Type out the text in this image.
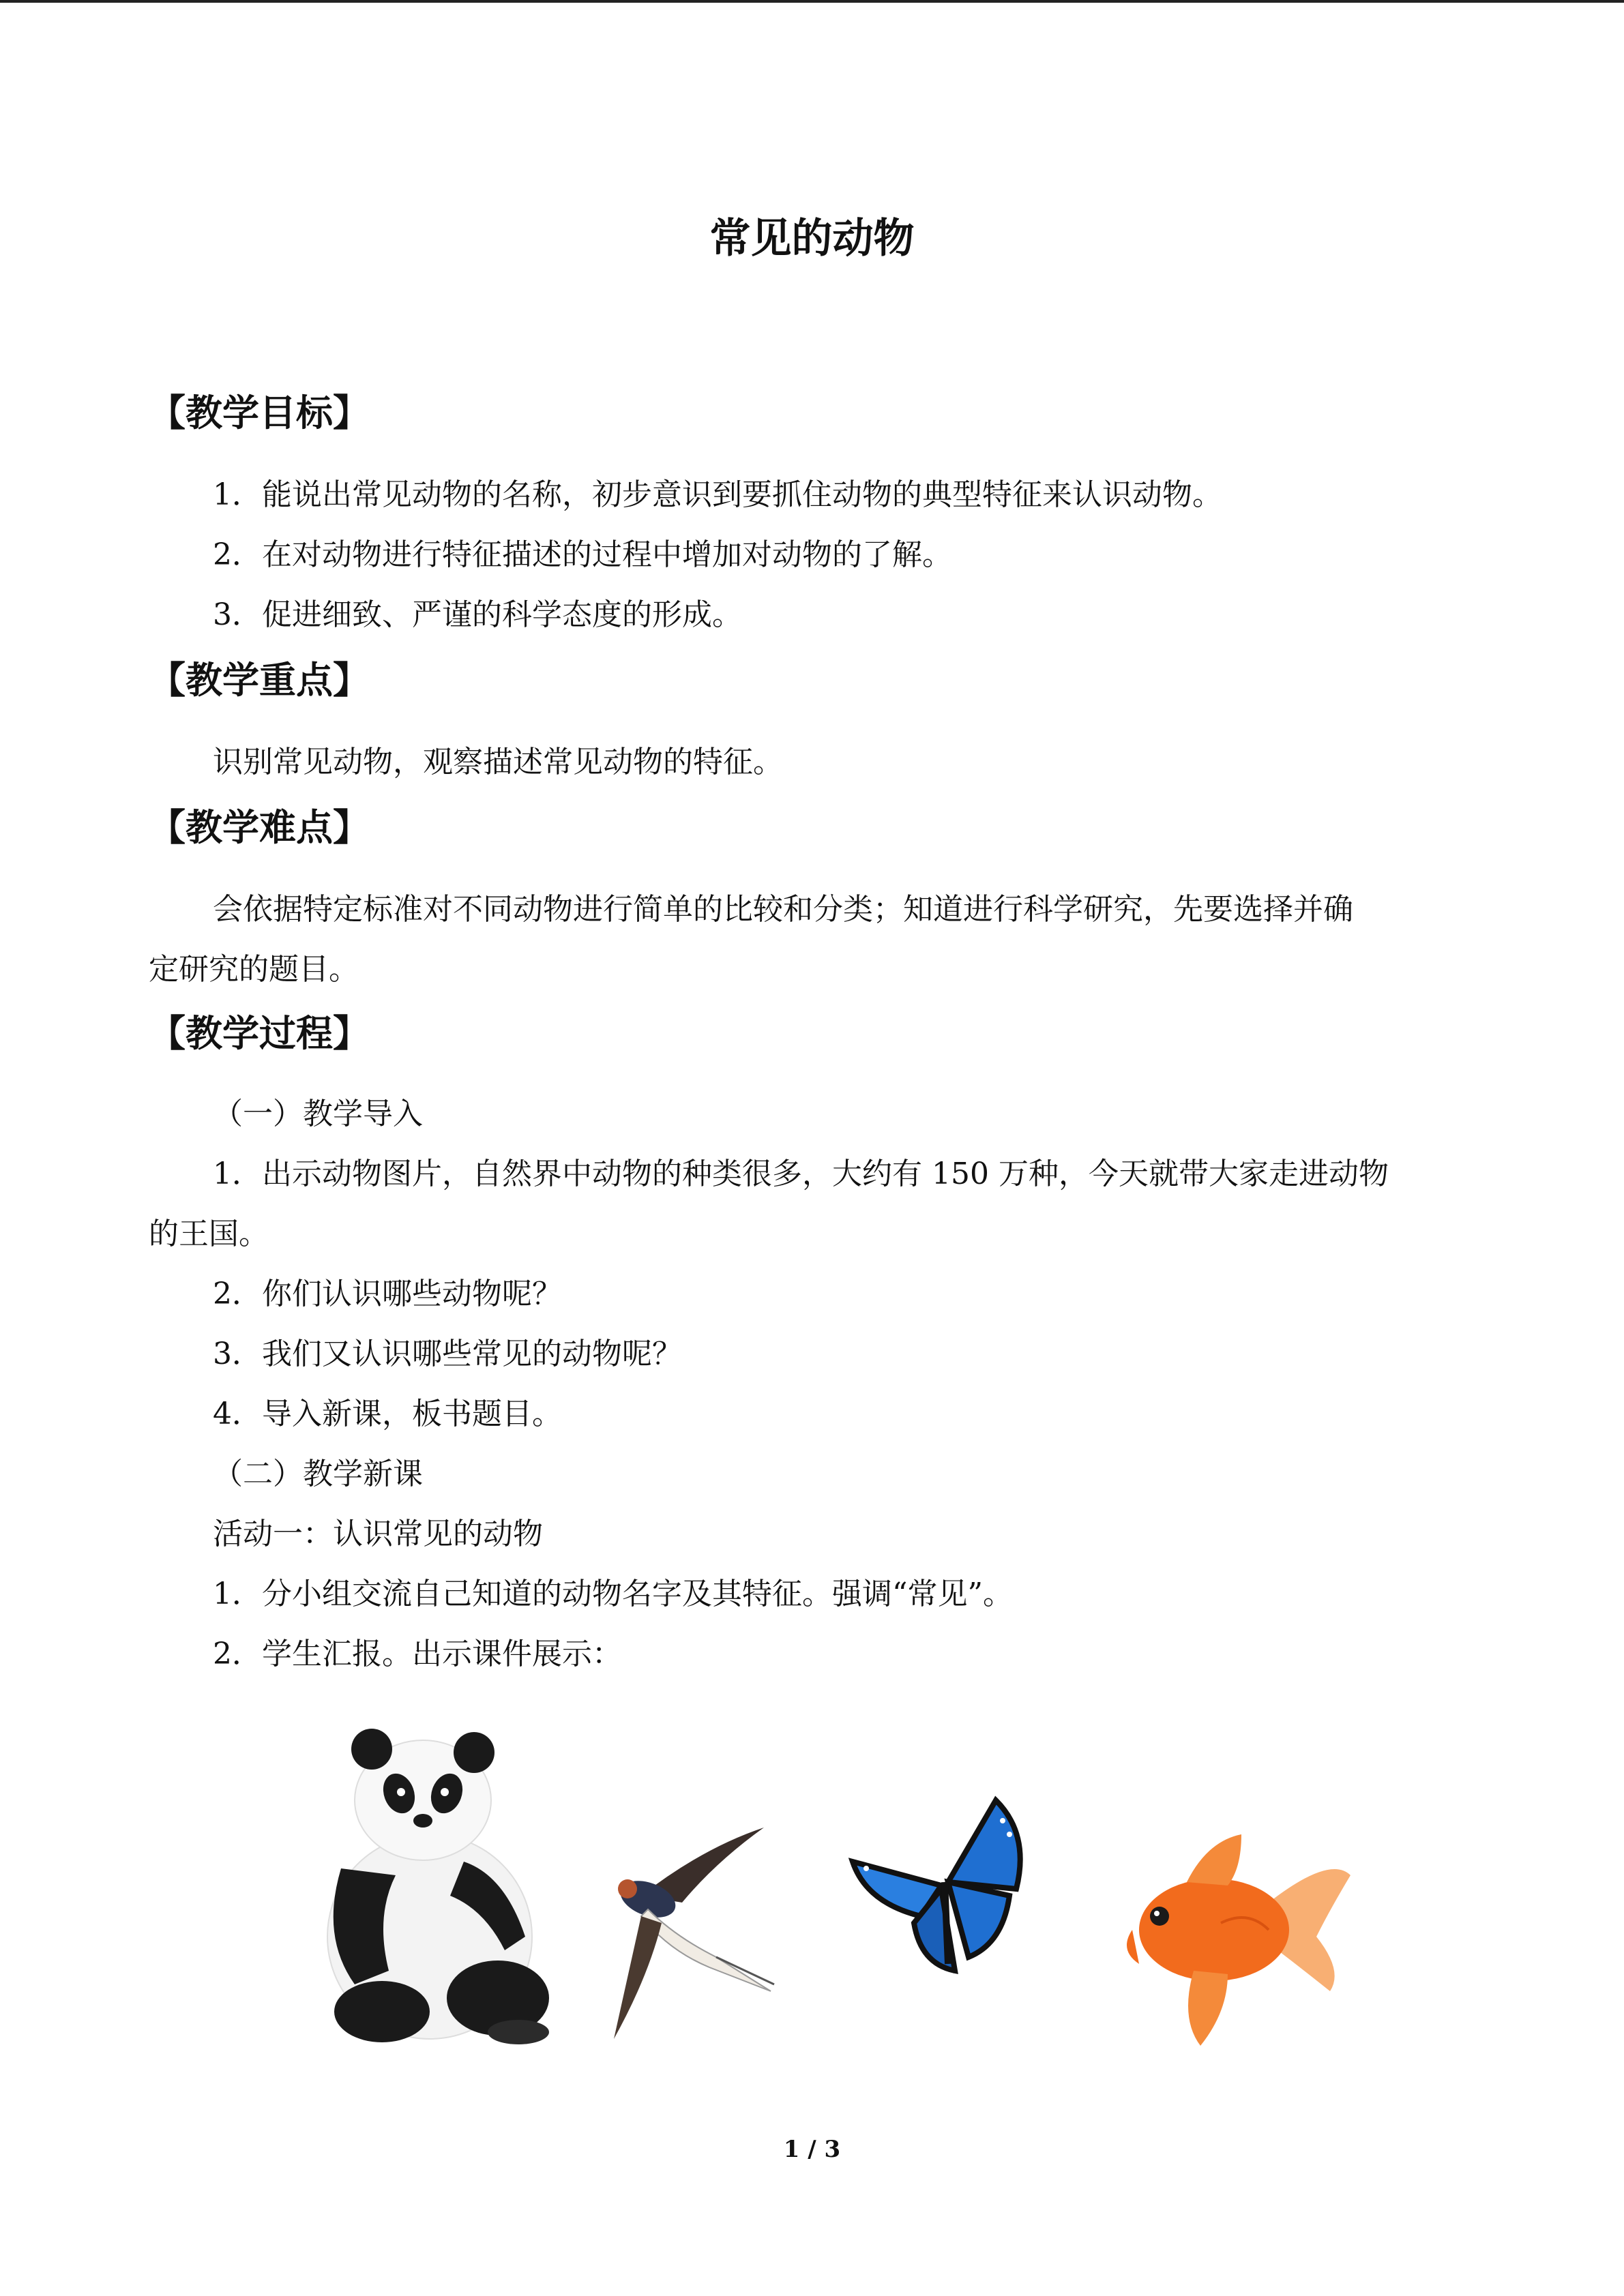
常见的动物
【教学目标】
1．能说出常见动物的名称，初步意识到要抓住动物的典型特征来认识动物。
2．在对动物进行特征描述的过程中增加对动物的了解。
3．促进细致、严谨的科学态度的形成。
【教学重点】
识别常见动物，观察描述常见动物的特征。
【教学难点】
会依据特定标准对不同动物进行简单的比较和分类；知道进行科学研究，先要选择并确
定研究的题目。
【教学过程】
（一）教学导入
1．出示动物图片，自然界中动物的种类很多，大约有 150 万种，今天就带大家走进动物
的王国。
2．你们认识哪些动物呢？
3．我们又认识哪些常见的动物呢？
4．导入新课，板书题目。
（二）教学新课
活动一：认识常见的动物
1．分小组交流自己知道的动物名字及其特征。强调“常见”。
2．学生汇报。出示课件展示：
1 / 3
